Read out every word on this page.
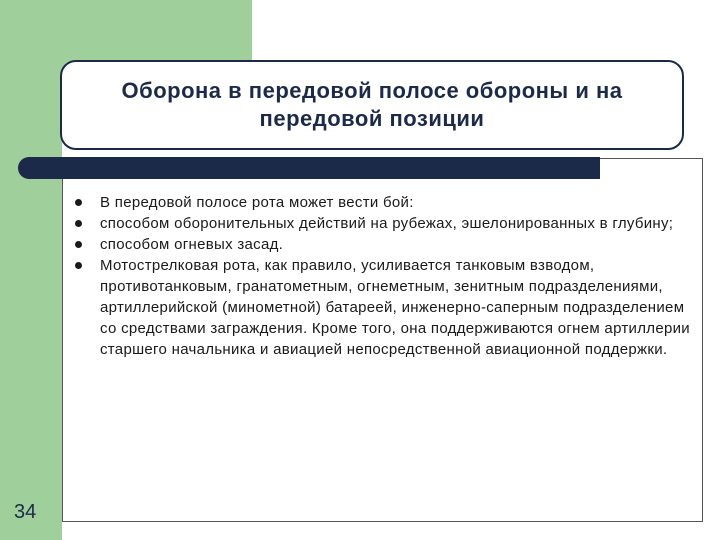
Оборона в передовой полосе обороны и на передовой позиции
В передовой полосе рота может вести бой:
способом оборонительных действий на рубежах, эшелонированных в глубину;
способом огневых засад.
Мотострелковая рота, как правило, усиливается танковым взводом, противотанковым, гранатометным, огнеметным, зенитным подразделениями, артиллерийской (минометной) батареей, инженерно-саперным подразделением со средствами заграждения. Кроме того, она поддерживаются огнем артиллерии старшего начальника и авиацией непосредственной авиационной поддержки.
34
